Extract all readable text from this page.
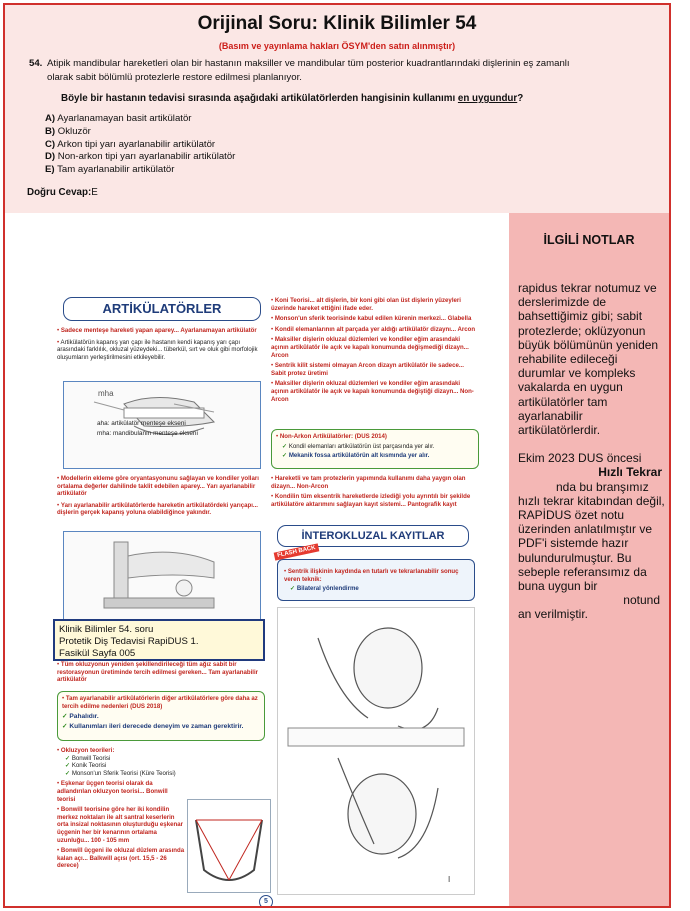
Orijinal Soru: Klinik Bilimler 54
(Basım ve yayınlama hakları ÖSYM'den satın alınmıştır)
54. Atipik mandibular hareketleri olan bir hastanın maksiller ve mandibular tüm posterior kuadrantlarındaki dişlerinin eş zamanlı
olarak sabit bölümlü protezlerle restore edilmesi planlanıyor.
Böyle bir hastanın tedavisi sırasında aşağıdaki artikülatörlerden hangisinin kullanımı en uygundur?
A) Ayarlanamayan basit artikülatör
B) Okluzör
C) Arkon tipi yarı ayarlanabilir artikülatör
D) Non-arkon tipi yarı ayarlanabilir artikülatör
E) Tam ayarlanabilir artikülatör
Doğru Cevap:E
İLGİLİ NOTLAR

rapidus tekrar notumuz ve derslerimizde de bahsettiğimiz gibi; sabit protezlerde; oklüzyonun büyük bölümünün yeniden rehabilite edileceği durumlar ve kompleks vakalarda en uygun artikülatörler tam ayarlanabilir artikülatörlerdir.

Ekim 2023 DUS öncesi

Hızlı Tekrar
nda bu branşımız hızlı tekrar kitabından değil, RAPİDUS özet notu üzerinden anlatılmıştır ve PDF'i sistemde hazır bulundurulmuştur. Bu sebeple referansımız da buna uygun bir

notund
an verilmiştir.

ARTİKÜLATÖRLER
• Sadece menteşe hareketi yapan aparey... Ayarlanamayan artikülatör
• Artikülatörün kapanış yarı çapı ile hastanın kendi kapanış yarı çapı arasındaki farklılık, okluzal yüzeydeki... tüberkül, sırt ve oluk gibi morfolojik oluşumların yerleştirilmesini etkileyebilir.
mha
aha: artikülatör menteşe ekseni
mha: mandibulanın menteşe ekseni
• Modellerin ekleme göre oryantasyonunu sağlayan ve kondiler yolları ortalama değerler dahilinde taklit edebilen aparey... Yarı ayarlanabilir artikülatör
• Yarı ayarlanabilir artikülatörlerde hareketin artikülatördeki yarıçapı... dişlerin gerçek kapanış yoluna olabildiğince yakındır.
• Tüm okluzyonun yeniden şekillendirileceği tüm ağız sabit bir restorasyonun üretiminde tercih edilmesi gereken... Tam ayarlanabilir artikülatör
• Tam ayarlanabilir artikülatörlerin diğer artikülatörlere göre daha az tercih edilme nedenleri (DUS 2018)
✓ Pahalıdır.
✓ Kullanımları ileri derecede deneyim ve zaman gerektirir.
• Okluzyon teorileri:
✓ Bonwill Teorisi
✓ Konik Teorisi
✓ Monson'un Sferik Teorisi (Küre Teorisi)
• Eşkenar üçgen teorisi olarak da adlandırılan okluzyon teorisi... Bonwill teorisi
• Bonwill teorisine göre her iki kondilin merkez noktaları ile alt santral keserlerin orta insizal noktasının oluşturduğu eşkenar üçgenin her bir kenarının ortalama uzunluğu... 100 - 105 mm
• Bonwill üçgeni ile okluzal düzlem arasında kalan açı... Balkwill açısı (ort. 15,5 - 26 derece)
5
• Koni Teorisi... alt dişlerin, bir koni gibi olan üst dişlerin yüzeyleri üzerinde hareket ettiğini ifade eder.
• Monson'un sferik teorisinde kabul edilen kürenin merkezi... Glabella
• Kondil elemanlarının alt parçada yer aldığı artikülatör dizaynı... Arcon
• Maksiller dişlerin okluzal düzlemleri ve kondiler eğim arasındaki açının artikülatör ile açık ve kapalı konumunda değişmediği dizayn... Arcon
• Sentrik kilit sistemi olmayan Arcon dizayn artikülatör ile sadece... Sabit protez üretimi
• Maksiller dişlerin okluzal düzlemleri ve kondiler eğim arasındaki açının artikülatör ile açık ve kapalı konumunda değiştiği dizayn... Non-Arcon
• Non-Arkon Artikülatörler: (DUS 2014)
✓ Kondil elemanları artikülatörün üst parçasında yer alır.
✓ Mekanik fossa artikülatörün alt kısmında yer alır.
• Hareketli ve tam protezlerin yapımında kullanımı daha yaygın olan dizayn... Non-Arcon
• Kondilin tüm eksentrik hareketlerde izlediği yolu ayrıntılı bir şekilde artikülatöre aktarımını sağlayan kayıt sistemi... Pantografik kayıt
İNTEROKLUZAL KAYITLAR
FLASH BACK
• Sentrik ilişkinin kaydında en tutarlı ve tekrarlanabilir sonuç veren teknik:
✓ Bilateral yönlendirme
I
Klinik Bilimler 54. soru
Protetik Diş Tedavisi RapiDUS 1.
Fasikül Sayfa 005
